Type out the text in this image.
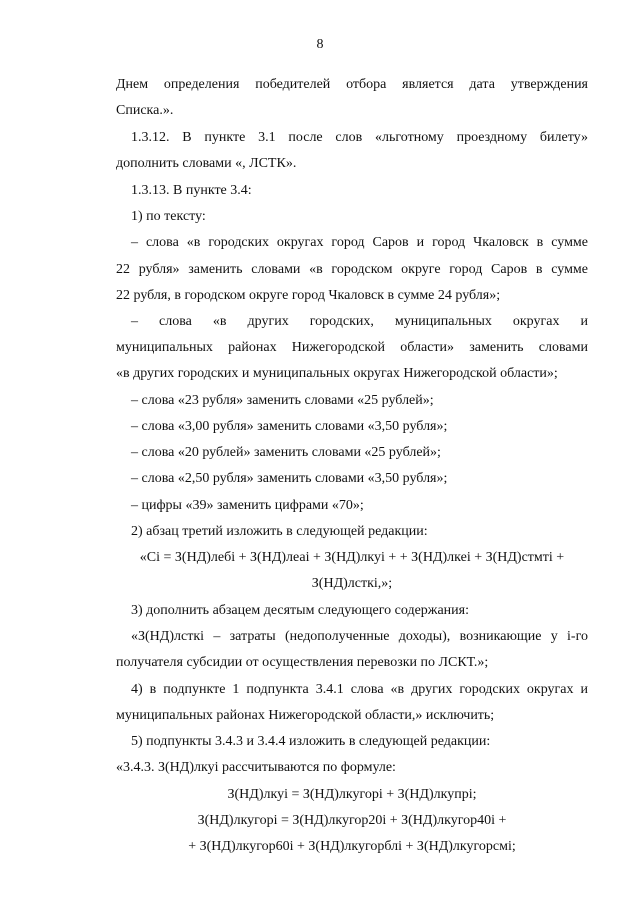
8
Днем определения победителей отбора является дата утверждения
Списка.».
1.3.12. В пункте 3.1 после слов «льготному проездному билету»
дополнить словами «, ЛСТК».
1.3.13. В пункте 3.4:
1) по тексту:
– слова «в городских округах город Саров и город Чкаловск в сумме
22 рубля» заменить словами «в городском округе город Саров в сумме
22 рубля, в городском округе город Чкаловск в сумме 24 рубля»;
– слова «в других городских, муниципальных округах и
муниципальных районах Нижегородской области» заменить словами
«в других городских и муниципальных округах Нижегородской области»;
– слова «23 рубля» заменить словами «25 рублей»;
– слова «3,00 рубля» заменить словами «3,50 рубля»;
– слова «20 рублей» заменить словами «25 рублей»;
– слова «2,50 рубля» заменить словами «3,50 рубля»;
– цифры «39» заменить цифрами «70»;
2) абзац третий изложить в следующей редакции:
«Сi = З(НД)лебi + З(НД)леаi + З(НД)лкуi + + З(НД)лкеi + З(НД)стмтi +
З(НД)лсткi,»;
3) дополнить абзацем десятым следующего содержания:
«З(НД)лсткi – затраты (недополученные доходы), возникающие у i-го
получателя субсидии от осуществления перевозки по ЛСКТ.»;
4) в подпункте 1 подпункта 3.4.1 слова «в других городских округах и
муниципальных районах Нижегородской области,» исключить;
5) подпункты 3.4.3 и 3.4.4 изложить в следующей редакции:
«3.4.3. З(НД)лкуi рассчитываются по формуле:
З(НД)лкуi = З(НД)лкугорi + З(НД)лкупрi;
З(НД)лкугорi = З(НД)лкугор20i + З(НД)лкугор40i +
+ З(НД)лкугор60i + З(НД)лкугорблi + З(НД)лкугорсмi;
